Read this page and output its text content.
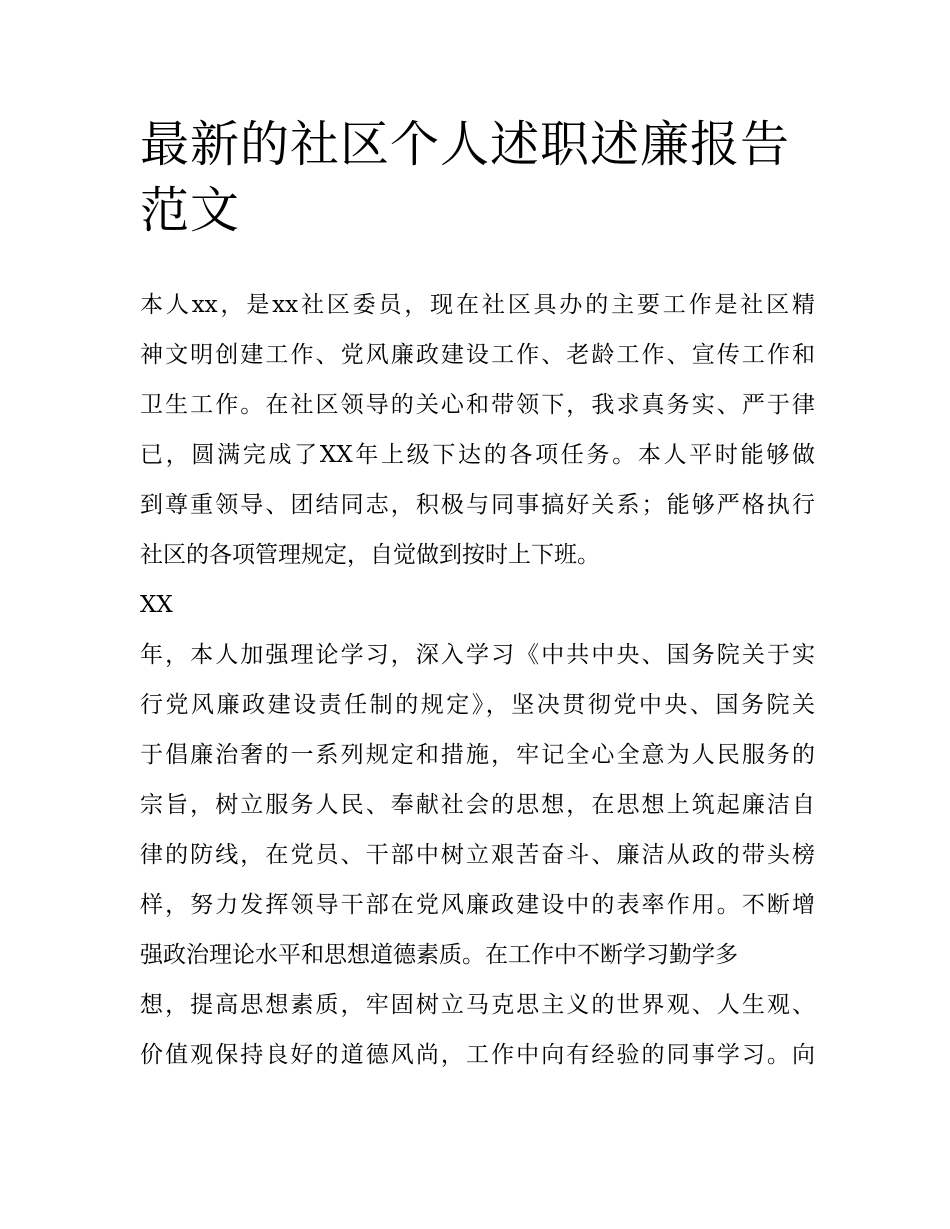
最新的社区个人述职述廉报告
范文
本人xx，是xx社区委员，现在社区具办的主要工作是社区精
神文明创建工作、党风廉政建设工作、老龄工作、宣传工作和
卫生工作。在社区领导的关心和带领下，我求真务实、严于律
已，圆满完成了XX年上级下达的各项任务。本人平时能够做
到尊重领导、团结同志，积极与同事搞好关系；能够严格执行
社区的各项管理规定，自觉做到按时上下班。
XX
年，本人加强理论学习，深入学习《中共中央、国务院关于实
行党风廉政建设责任制的规定》，坚决贯彻党中央、国务院关
于倡廉治奢的一系列规定和措施，牢记全心全意为人民服务的
宗旨，树立服务人民、奉献社会的思想，在思想上筑起廉洁自
律的防线，在党员、干部中树立艰苦奋斗、廉洁从政的带头榜
样，努力发挥领导干部在党风廉政建设中的表率作用。不断增
强政治理论水平和思想道德素质。在工作中不断学习勤学多
想，提高思想素质，牢固树立马克思主义的世界观、人生观、
价值观保持良好的道德风尚，工作中向有经验的同事学习。向
